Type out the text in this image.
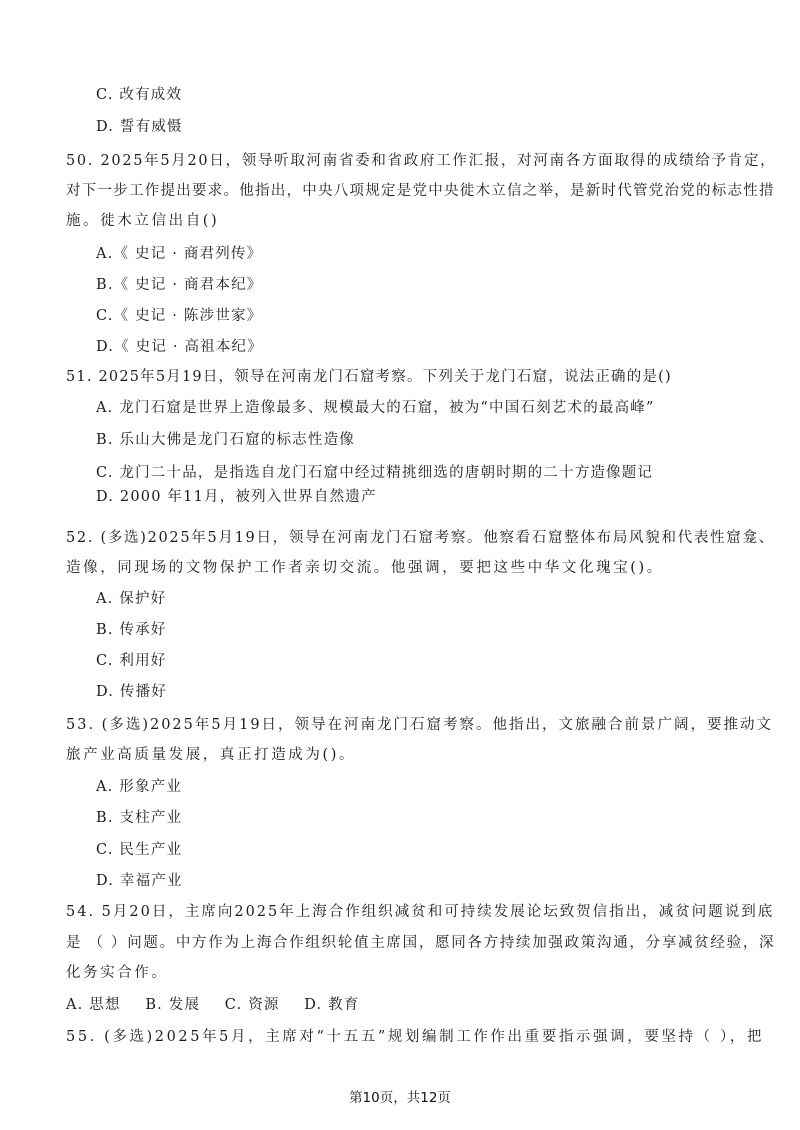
C. 改有成效
D. 誓有威慑
50. 2025年5月20日，领导听取河南省委和省政府工作汇报，对河南各方面取得的成绩给予肯定，
对下一步工作提出要求。他指出，中央八项规定是党中央徙木立信之举，是新时代管党治党的标志性措
施。徙木立信出自()
A.《 史记 · 商君列传》
B.《 史记 · 商君本纪》
C.《 史记 · 陈涉世家》
D.《 史记 · 高祖本纪》
51. 2025年5月19日，领导在河南龙门石窟考察。下列关于龙门石窟，说法正确的是()
A. 龙门石窟是世界上造像最多、规模最大的石窟，被为“中国石刻艺术的最高峰”
B. 乐山大佛是龙门石窟的标志性造像
C. 龙门二十品，是指选自龙门石窟中经过精挑细选的唐朝时期的二十方造像题记
D. 2000 年11月，被列入世界自然遗产
52. (多选)2025年5月19日，领导在河南龙门石窟考察。他察看石窟整体布局风貌和代表性窟龛、
造像，同现场的文物保护工作者亲切交流。他强调，要把这些中华文化瑰宝()。
A. 保护好
B. 传承好
C. 利用好
D. 传播好
53. (多选)2025年5月19日，领导在河南龙门石窟考察。他指出，文旅融合前景广阔，要推动文
旅产业高质量发展，真正打造成为()。
A. 形象产业
B. 支柱产业
C. 民生产业
D. 幸福产业
54. 5月20日，主席向2025年上海合作组织减贫和可持续发展论坛致贺信指出，减贫问题说到底
是 （ ）问题。中方作为上海合作组织轮值主席国，愿同各方持续加强政策沟通，分享减贫经验，深
化务实合作。
A. 思想 B. 发展 C. 资源 D. 教育
55. (多选)2025年5月，主席对“十五五”规划编制工作作出重要指示强调，要坚持（ ），把
第10页，共12页
